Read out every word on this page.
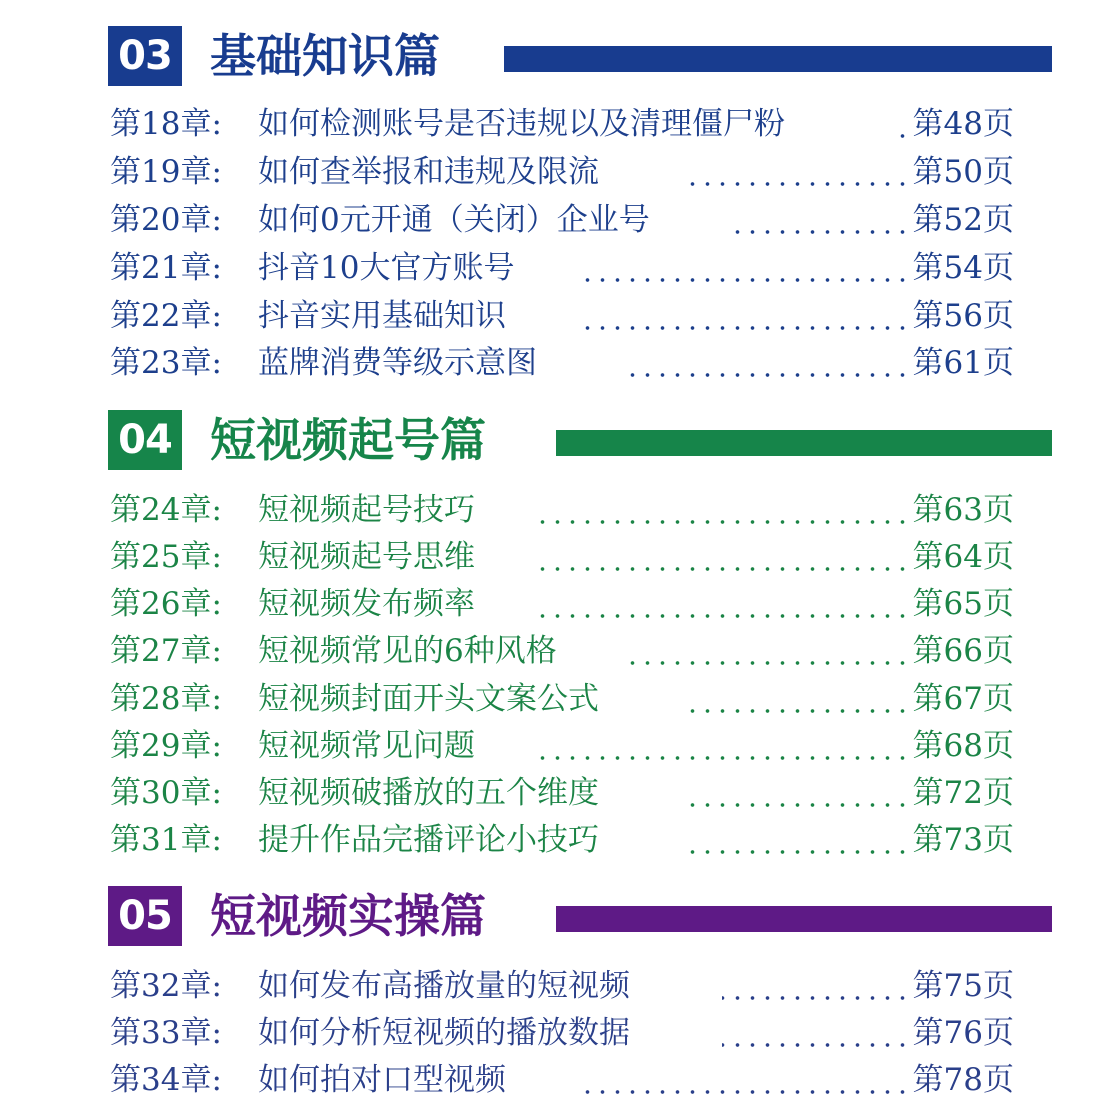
03 基础知识篇
第18章: 如何检测账号是否违规以及清理僵尸粉	第48页
第19章: 如何查举报和违规及限流	第50页
第20章: 如何0元开通（关闭）企业号	第52页
第21章: 抖音10大官方账号	第54页
第22章: 抖音实用基础知识	第56页
第23章: 蓝牌消费等级示意图	第61页
04 短视频起号篇
第24章: 短视频起号技巧	第63页
第25章: 短视频起号思维	第64页
第26章: 短视频发布频率	第65页
第27章: 短视频常见的6种风格	第66页
第28章: 短视频封面开头文案公式	第67页
第29章: 短视频常见问题	第68页
第30章: 短视频破播放的五个维度	第72页
第31章: 提升作品完播评论小技巧	第73页
05 短视频实操篇
第32章: 如何发布高播放量的短视频	第75页
第33章: 如何分析短视频的播放数据	第76页
第34章: 如何拍对口型视频	第78页
